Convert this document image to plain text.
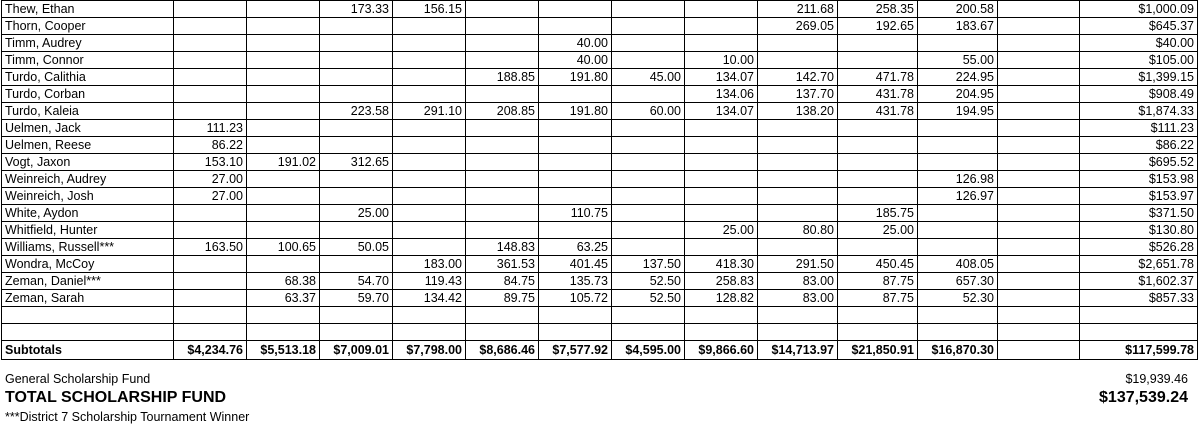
Thew, Ethan			173.33	156.15					211.68	258.35	200.58		$1,000.09
Thorn, Cooper									269.05	192.65	183.67		$645.37
Timm, Audrey						40.00							$40.00
Timm, Connor						40.00		10.00			55.00		$105.00
Turdo, Calithia					188.85	191.80	45.00	134.07	142.70	471.78	224.95		$1,399.15
Turdo, Corban								134.06	137.70	431.78	204.95		$908.49
Turdo, Kaleia			223.58	291.10	208.85	191.80	60.00	134.07	138.20	431.78	194.95		$1,874.33
Uelmen, Jack	111.23												$111.23
Uelmen, Reese	86.22												$86.22
Vogt, Jaxon	153.10	191.02	312.65										$695.52
Weinreich, Audrey	27.00										126.98		$153.98
Weinreich, Josh	27.00										126.97		$153.97
White, Aydon			25.00			110.75				185.75			$371.50
Whitfield, Hunter								25.00	80.80	25.00			$130.80
Williams, Russell***	163.50	100.65	50.05		148.83	63.25							$526.28
Wondra, McCoy				183.00	361.53	401.45	137.50	418.30	291.50	450.45	408.05		$2,651.78
Zeman, Daniel***		68.38	54.70	119.43	84.75	135.73	52.50	258.83	83.00	87.75	657.30		$1,602.37
Zeman, Sarah		63.37	59.70	134.42	89.75	105.72	52.50	128.82	83.00	87.75	52.30		$857.33

Subtotals	$4,234.76	$5,513.18	$7,009.01	$7,798.00	$8,686.46	$7,577.92	$4,595.00	$9,866.60	$14,713.97	$21,850.91	$16,870.30		$117,599.78
General Scholarship Fund	$19,939.46
TOTAL SCHOLARSHIP FUND	$137,539.24
***District 7 Scholarship Tournament Winner
